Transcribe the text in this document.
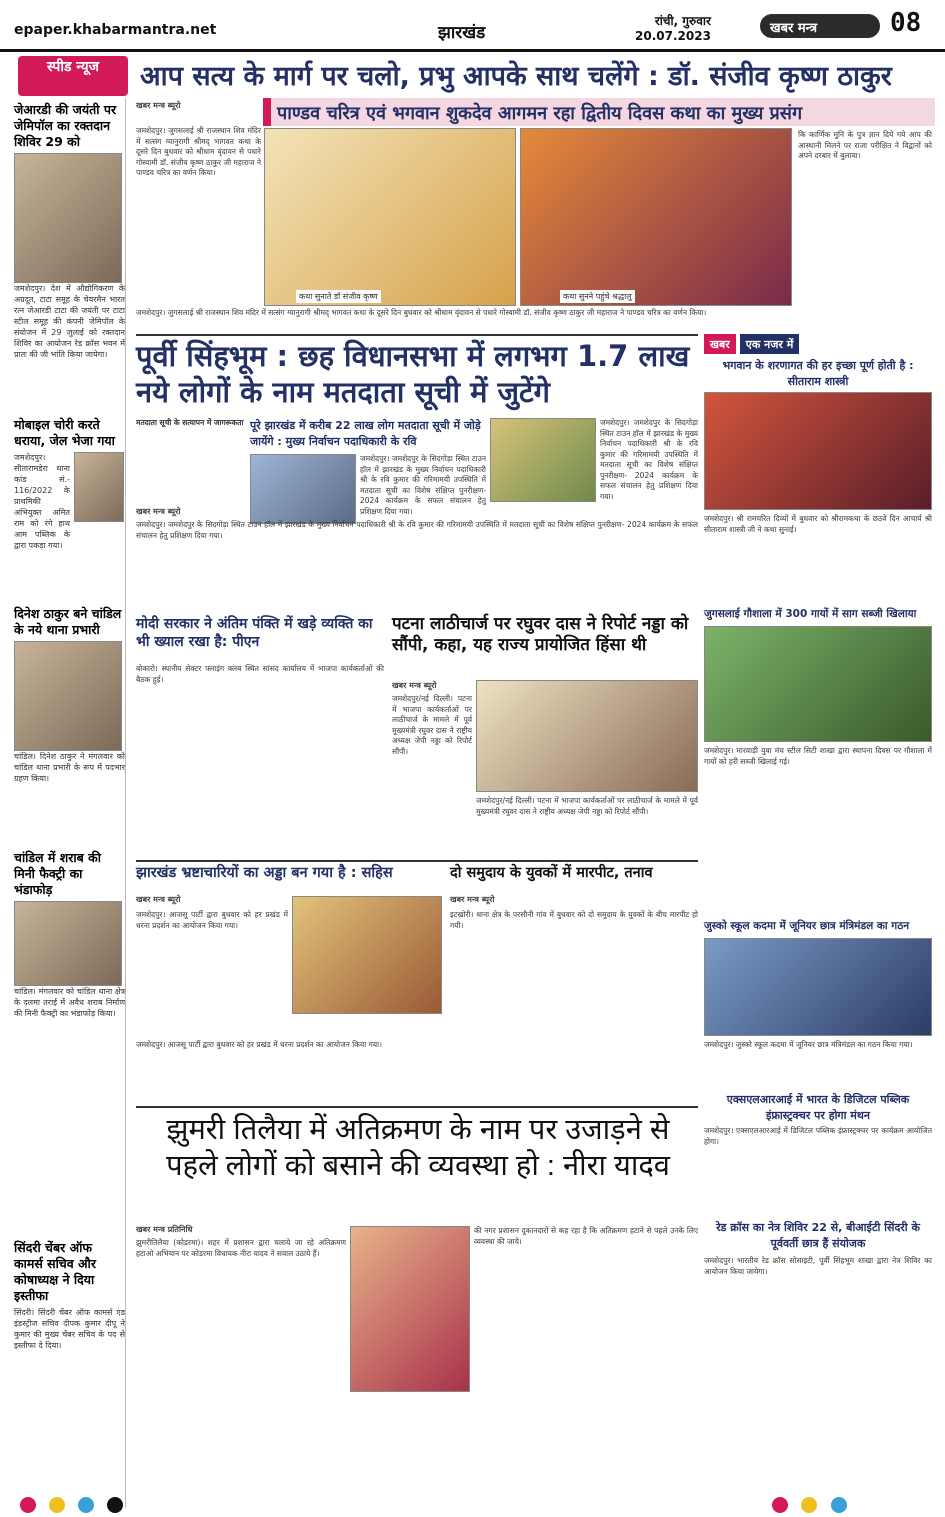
epaper.khabarmantra.net	झारखंड
रांची, गुरुवार
20.07.2023	खबर मन्त्र	08
स्पीड न्यूज	आप सत्य के मार्ग पर चलो, प्रभु आपके साथ चलेंगे : डॉ. संजीव कृष्ण ठाकुर
पाण्डव चरित्र एवं भगवान शुकदेव आगमन रहा द्वितीय दिवस कथा का मुख्य प्रसंग
जेआरडी की जयंती पर जेमिपॉल का रक्तदान शिविर 29 को
जमशेदपुर। देश में औद्योगिकरण के अग्रदूत, टाटा समूह के चेयरमैन भारत रत्न जेआरडी टाटा की जयंती पर टाटा स्टील समूह की कंपनी जेमिपॉल के संयोजन में 29 जुलाई को रक्तदान शिविर का आयोजन रेड क्रॉस भवन में प्रातः की जी भांति किया जायेगा।
मोबाइल चोरी करते धराया, जेल भेजा गया
जमशेदपुर। सीतारामडेरा थाना कांड सं.- 116/2022 के प्राथमिकी अभियुक्त अमित राम को रंगे हाथ आम पब्लिक के द्वारा पकड़ा गया।
दिनेश ठाकुर बने चांडिल के नये थाना प्रभारी
चांडिल। दिनेश ठाकुर ने मंगलवार को चांडिल थाना प्रभारी के रूप में पदभार ग्रहण किया।
चांडिल में शराब की मिनी फैक्ट्री का भंडाफोड़
चांडिल। मंगलवार को चांडिल थाना क्षेत्र के दलमा तराई में अवैध शराब निर्माण की मिनी फैक्ट्री का भंडाफोड़ किया।
सिंदरी चेंबर ऑफ कामर्स सचिव और कोषाध्यक्ष ने दिया इस्तीफा
सिंदरी। सिंदरी चेंबर ऑफ कामर्स एंड इंडस्ट्रीज सचिव दीपक कुमार दीपू ने कुमार की मुख्य चेंबर सचिव के पद से इस्तीफा दे दिया।
खबर मन्त्र ब्यूरो
जमशेदपुर। जुगसलाई श्री राजस्थान शिव मंदिर में सत्संग ग्यानुरागी श्रीमद् भागवत कथा के दूसरे दिन बुधवार को श्रीधाम वृंदावन से पधारे गोस्वामी डॉ. संजीव कृष्ण ठाकुर जी महाराज ने पाण्डव चरित्र का वर्णन किया।
कथा सुनाते डॉ संजीव कृष्ण	कथा सुनने पहुंचे श्रद्धालु
कि कार्णिक मुनि के पुत्र ज्ञान दिये गये आप की आस्थानी मिलने पर राजा परीक्षित ने विद्वानों को अपने दरबार में बुलाया।
जमशेदपुर। जुगसलाई श्री राजस्थान शिव मंदिर में सत्संग ग्यानुरागी श्रीमद् भागवत कथा के दूसरे दिन बुधवार को श्रीधाम वृंदावन से पधारे गोस्वामी डॉ. संजीव कृष्ण ठाकुर जी महाराज ने पाण्डव चरित्र का वर्णन किया।
पूर्वी सिंहभूम : छह विधानसभा में लगभग 1.7 लाख नये लोगों के नाम मतदाता सूची में जुटेंगे
मतदाता सूची के सत्यापन में जागरूकता पूरे झारखंड में करीब 22 लाख लोग मतदाता सूची में जोड़े जायेंगे : मुख्य निर्वाचन पदाधिकारी के रवि
जमशेदपुर। जमशेदपुर के सिदगोड़ा स्थित टाउन हॉल में झारखंड के मुख्य निर्वाचन पदाधिकारी श्री के रवि कुमार की गरिमामयी उपस्थिति में मतदाता सूची का विशेष संक्षिप्त पुनरीक्षण- 2024 कार्यक्रम के सफल संचालन हेतु प्रशिक्षण दिया गया।
जमशेदपुर। जमशेदपुर के सिदगोड़ा स्थित टाउन हॉल में झारखंड के मुख्य निर्वाचन पदाधिकारी श्री के रवि कुमार की गरिमामयी उपस्थिति में मतदाता सूची का विशेष संक्षिप्त पुनरीक्षण- 2024 कार्यक्रम के सफल संचालन हेतु प्रशिक्षण दिया गया।
खबर मन्त्र ब्यूरो
जमशेदपुर। जमशेदपुर के सिदगोड़ा स्थित टाउन हॉल में झारखंड के मुख्य निर्वाचन पदाधिकारी श्री के रवि कुमार की गरिमामयी उपस्थिति में मतदाता सूची का विशेष संक्षिप्त पुनरीक्षण- 2024 कार्यक्रम के सफल संचालन हेतु प्रशिक्षण दिया गया।
मोदी सरकार ने अंतिम पंक्ति में खड़े व्यक्ति का भी ख्याल रखा है: पीएन
बोकारो। स्थानीय सेक्टर फ्लाइंग क्लब स्थित सांसद कार्यालय में भाजपा कार्यकर्ताओं की बैठक हुई।
पटना लाठीचार्ज पर रघुवर दास ने रिपोर्ट नड्डा को सौंपी, कहा, यह राज्य प्रायोजित हिंसा थी
खबर मन्त्र ब्यूरो
जमशेदपुर/नई दिल्ली। पटना में भाजपा कार्यकर्ताओं पर लाठीचार्ज के मामले में पूर्व मुख्यमंत्री रघुवर दास ने राष्ट्रीय अध्यक्ष जेपी नड्डा को रिपोर्ट सौंपी।
जमशेदपुर/नई दिल्ली। पटना में भाजपा कार्यकर्ताओं पर लाठीचार्ज के मामले में पूर्व मुख्यमंत्री रघुवर दास ने राष्ट्रीय अध्यक्ष जेपी नड्डा को रिपोर्ट सौंपी।
खबर	एक नजर में
भगवान के शरणागत की हर इच्छा पूर्ण होती है : सीताराम शास्त्री
जमशेदपुर। श्री रामचरित दिव्यों में बुधवार को श्रीरामकथा के छठवें दिन आचार्य श्री सीताराम शास्त्री जी ने कथा सुनाई।
जुगसलाई गौशाला में 300 गायों में साग सब्जी खिलाया
जमशेदपुर। मारवाड़ी युवा मंच स्टील सिटी शाखा द्वारा स्थापना दिवस पर गौशाला में गायों को हरी सब्जी खिलाई गई।
जुस्को स्कूल कदमा में जूनियर छात्र मंत्रिमंडल का गठन
जमशेदपुर। जुस्को स्कूल कदमा में जूनियर छात्र मंत्रिमंडल का गठन किया गया।
एक्सएलआरआई में भारत के डिजिटल पब्लिक इंफ्रास्ट्रक्चर पर होगा मंथन
जमशेदपुर। एक्सएलआरआई में डिजिटल पब्लिक इंफ्रास्ट्रक्चर पर कार्यक्रम आयोजित होगा।
रेड क्रॉस का नेत्र शिविर 22 से, बीआईटी सिंदरी के पूर्ववर्ती छात्र हैं संयोजक
जमशेदपुर। भारतीय रेड क्रॉस सोसाइटी, पूर्वी सिंहभूम शाखा द्वारा नेत्र शिविर का आयोजन किया जायेगा।
झारखंड भ्रष्टाचारियों का अड्डा बन गया है : सहिस	दो समुदाय के युवकों में मारपीट, तनाव
खबर मन्त्र ब्यूरो
जमशेदपुर। आजसू पार्टी द्वारा बुधवार को हर प्रखंड में धरना प्रदर्शन का आयोजन किया गया।
खबर मन्त्र ब्यूरो
इटखोरी। थाना क्षेत्र के परसौनी गांव में बुधवार को दो समुदाय के युवकों के बीच मारपीट हो गयी।
जमशेदपुर। आजसू पार्टी द्वारा बुधवार को हर प्रखंड में धरना प्रदर्शन का आयोजन किया गया।
झुमरी तिलैया में अतिक्रमण के नाम पर उजाड़ने से पहले लोगों को बसाने की व्यवस्था हो : नीरा यादव
खबर मन्त्र प्रतिनिधि
झुमरीतिलैया (कोडरमा)। शहर में प्रशासन द्वारा चलाये जा रहे अतिक्रमण हटाओ अभियान पर कोडरमा विधायक नीरा यादव ने सवाल उठाये हैं।
की नगर प्रशासन दुकानदारों से कह रहा है कि अतिक्रमण हटाने से पहले उनके लिए व्यवस्था की जाये।
